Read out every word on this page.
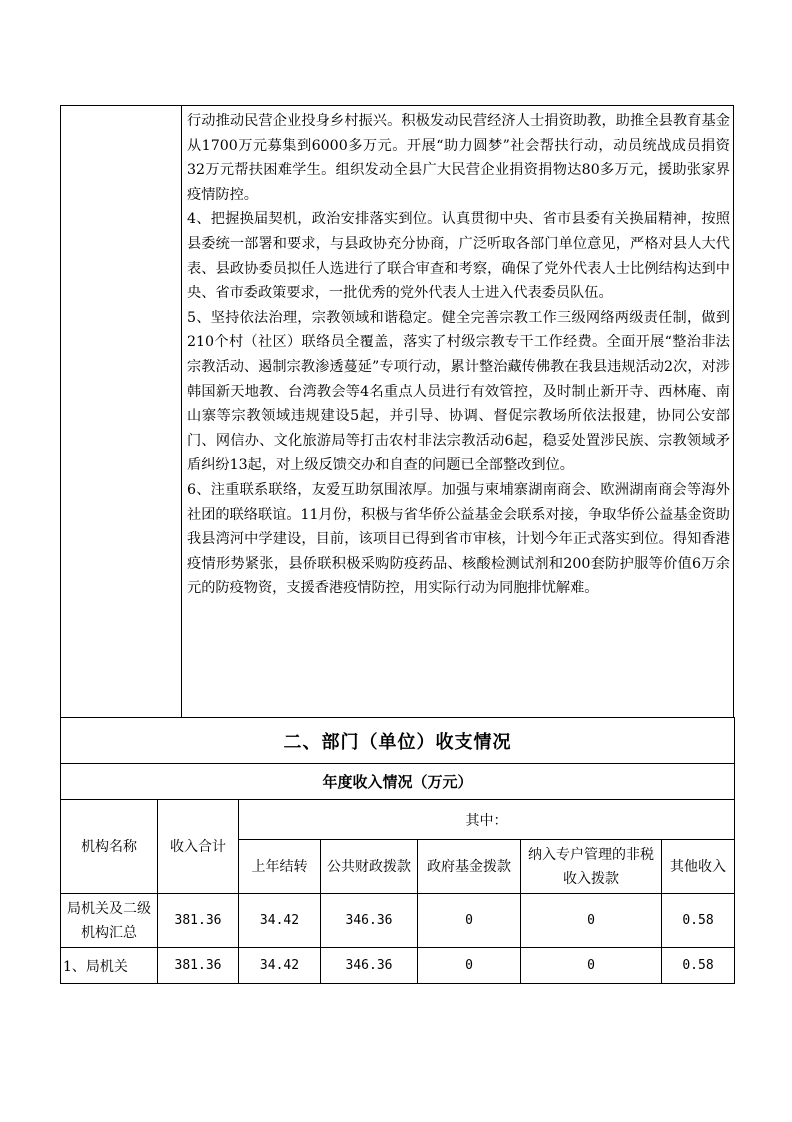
行动推动民营企业投身乡村振兴。积极发动民营经济人士捐资助教，助推全县教育基金从1700万元募集到6000多万元。开展“助力圆梦”社会帮扶行动，动员统战成员捐资32万元帮扶困难学生。组织发动全县广大民营企业捐资捐物达80多万元，援助张家界疫情防控。

4、把握换届契机，政治安排落实到位。认真贯彻中央、省市县委有关换届精神，按照县委统一部署和要求，与县政协充分协商，广泛听取各部门单位意见，严格对县人大代表、县政协委员拟任人选进行了联合审查和考察，确保了党外代表人士比例结构达到中央、省市委政策要求，一批优秀的党外代表人士进入代表委员队伍。

5、坚持依法治理，宗教领域和谐稳定。健全完善宗教工作三级网络两级责任制，做到210个村（社区）联络员全覆盖，落实了村级宗教专干工作经费。全面开展“整治非法宗教活动、遏制宗教渗透蔓延”专项行动，累计整治藏传佛教在我县违规活动2次，对涉韩国新天地教、台湾教会等4名重点人员进行有效管控，及时制止新开寺、西林庵、南山寨等宗教领域违规建设5起，并引导、协调、督促宗教场所依法报建，协同公安部门、网信办、文化旅游局等打击农村非法宗教活动6起，稳妥处置涉民族、宗教领域矛盾纠纷13起，对上级反馈交办和自查的问题已全部整改到位。

6、注重联系联络，友爱互助氛围浓厚。加强与柬埔寨湖南商会、欧洲湖南商会等海外社团的联络联谊。11月份，积极与省华侨公益基金会联系对接，争取华侨公益基金资助我县湾河中学建设，目前，该项目已得到省市审核，计划今年正式落实到位。得知香港疫情形势紧张，县侨联积极采购防疫药品、核酸检测试剂和200套防护服等价值6万余元的防疫物资，支援香港疫情防控，用实际行动为同胞排忧解难。

二、部门（单位）收支情况						
年度收入情况（万元）						
机构名称	收入合计	其中：				
		上年结转	公共财政拨款	政府基金拨款	纳入专户管理的非税收入拨款	其他收入
局机关及二级机构汇总	381.36	34.42	346.36	0	0	0.58
1、局机关	381.36	34.42	346.36	0	0	0.58
